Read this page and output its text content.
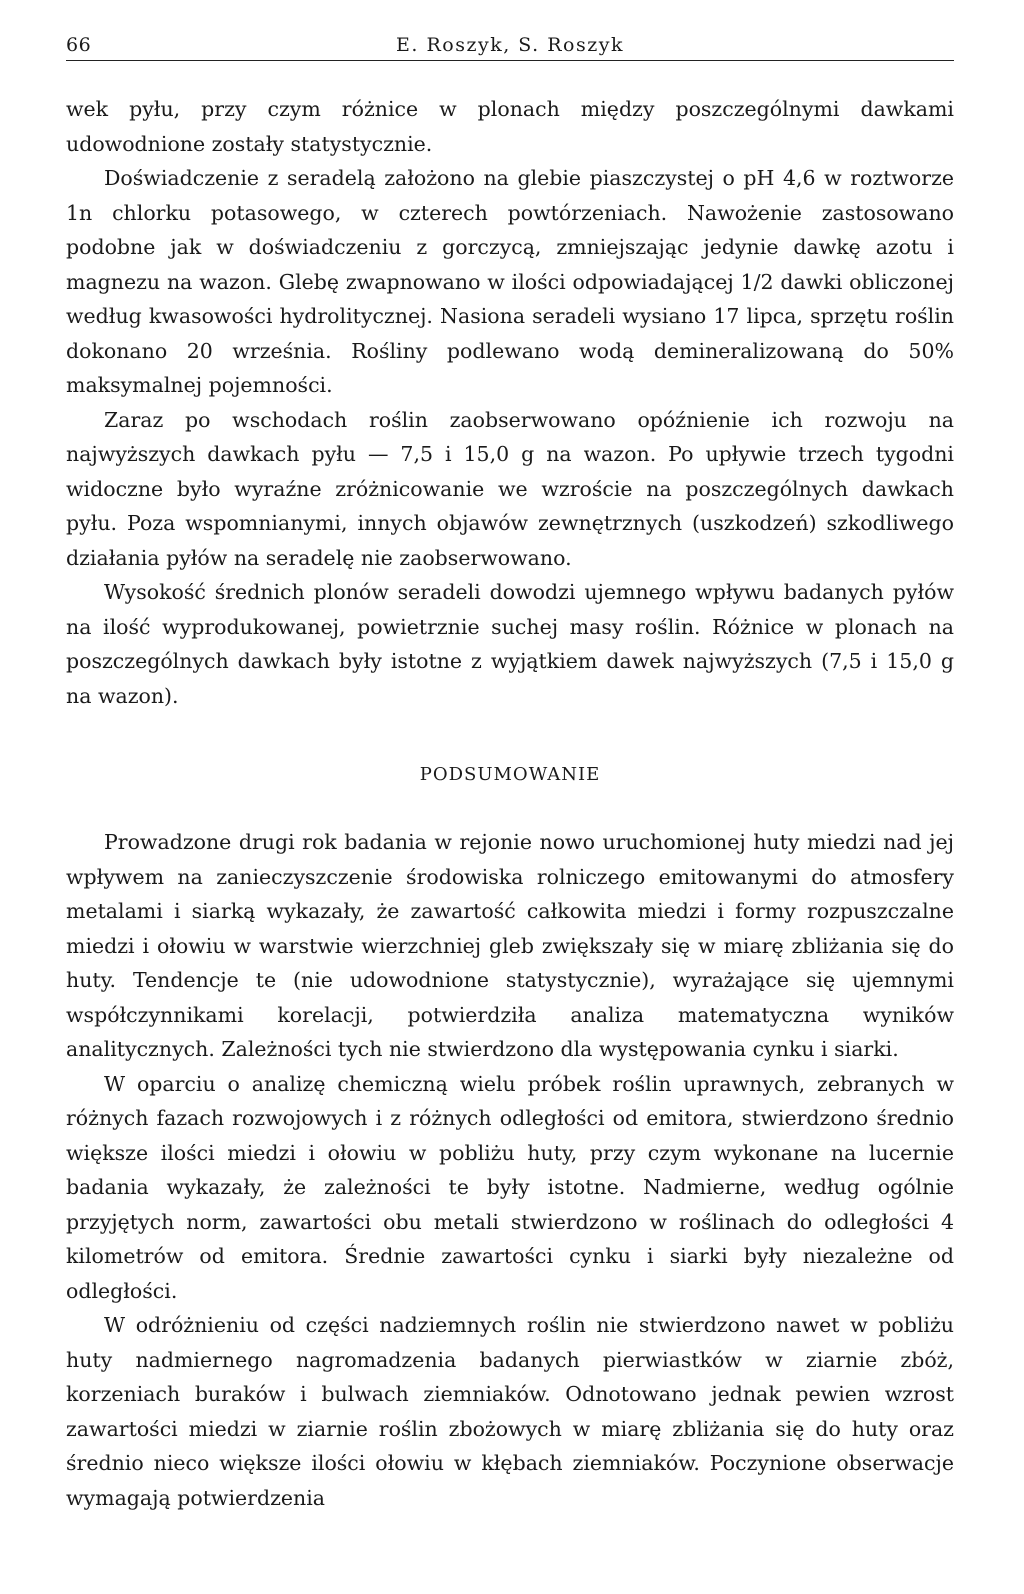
66	E. Roszyk, S. Roszyk

wek pyłu, przy czym różnice w plonach między poszczególnymi dawkami udowodnione zostały statystycznie.

Doświadczenie z seradelą założono na glebie piaszczystej o pH 4,6 w roztworze 1n chlorku potasowego, w czterech powtórzeniach. Nawożenie zastosowano podobne jak w doświadczeniu z gorczycą, zmniejszając jedynie dawkę azotu i magnezu na wazon. Glebę zwapnowano w ilości odpowiadającej 1/2 dawki obliczonej według kwasowości hydrolitycznej. Nasiona seradeli wysiano 17 lipca, sprzętu roślin dokonano 20 września. Rośliny podlewano wodą demineralizowaną do 50% maksymalnej pojemności.

Zaraz po wschodach roślin zaobserwowano opóźnienie ich rozwoju na najwyższych dawkach pyłu — 7,5 i 15,0 g na wazon. Po upływie trzech tygodni widoczne było wyraźne zróżnicowanie we wzroście na poszczególnych dawkach pyłu. Poza wspomnianymi, innych objawów zewnętrznych (uszkodzeń) szkodliwego działania pyłów na seradelę nie zaobserwowano.

Wysokość średnich plonów seradeli dowodzi ujemnego wpływu badanych pyłów na ilość wyprodukowanej, powietrznie suchej masy roślin. Różnice w plonach na poszczególnych dawkach były istotne z wyjątkiem dawek najwyższych (7,5 i 15,0 g na wazon).

PODSUMOWANIE

Prowadzone drugi rok badania w rejonie nowo uruchomionej huty miedzi nad jej wpływem na zanieczyszczenie środowiska rolniczego emitowanymi do atmosfery metalami i siarką wykazały, że zawartość całkowita miedzi i formy rozpuszczalne miedzi i ołowiu w warstwie wierzchniej gleb zwiększały się w miarę zbliżania się do huty. Tendencje te (nie udowodnione statystycznie), wyrażające się ujemnymi współczynnikami korelacji, potwierdziła analiza matematyczna wyników analitycznych. Zależności tych nie stwierdzono dla występowania cynku i siarki.

W oparciu o analizę chemiczną wielu próbek roślin uprawnych, zebranych w różnych fazach rozwojowych i z różnych odległości od emitora, stwierdzono średnio większe ilości miedzi i ołowiu w pobliżu huty, przy czym wykonane na lucernie badania wykazały, że zależności te były istotne. Nadmierne, według ogólnie przyjętych norm, zawartości obu metali stwierdzono w roślinach do odległości 4 kilometrów od emitora. Średnie zawartości cynku i siarki były niezależne od odległości.

W odróżnieniu od części nadziemnych roślin nie stwierdzono nawet w pobliżu huty nadmiernego nagromadzenia badanych pierwiastków w ziarnie zbóż, korzeniach buraków i bulwach ziemniaków. Odnotowano jednak pewien wzrost zawartości miedzi w ziarnie roślin zbożowych w miarę zbliżania się do huty oraz średnio nieco większe ilości ołowiu w kłębach ziemniaków. Poczynione obserwacje wymagają potwierdzenia
